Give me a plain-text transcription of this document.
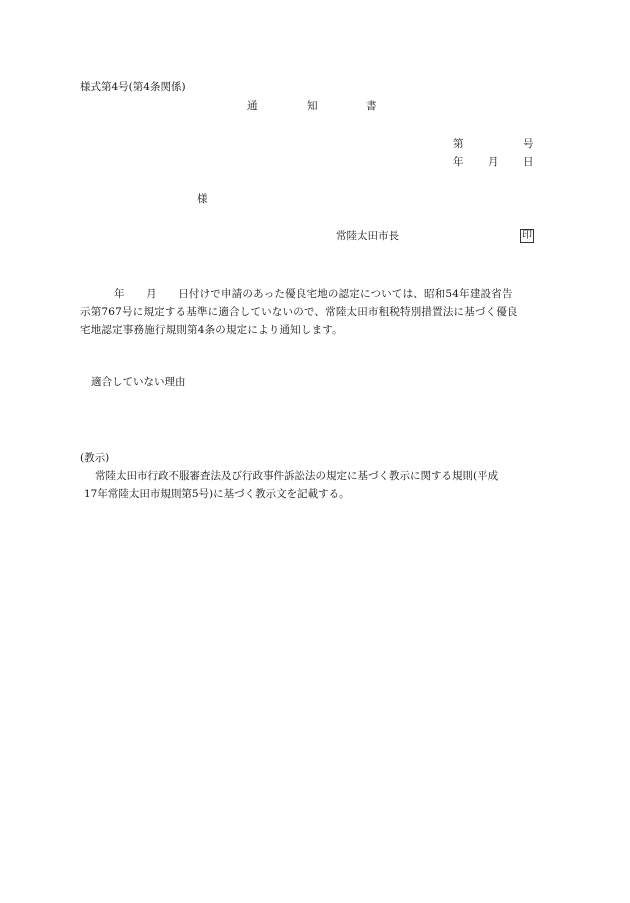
様式第4号(第4条関係)
通	知	書
第	号
年 月 日
様
常陸太田市長	印
年　　月　　日付けで申請のあった優良宅地の認定については、昭和54年建設省告
示第767号に規定する基準に適合していないので、常陸太田市租税特別措置法に基づく優良
宅地認定事務施行規則第4条の規定により通知します。
適合していない理由
(教示)
常陸太田市行政不服審査法及び行政事件訴訟法の規定に基づく教示に関する規則(平成
17年常陸太田市規則第5号)に基づく教示文を記載する。
